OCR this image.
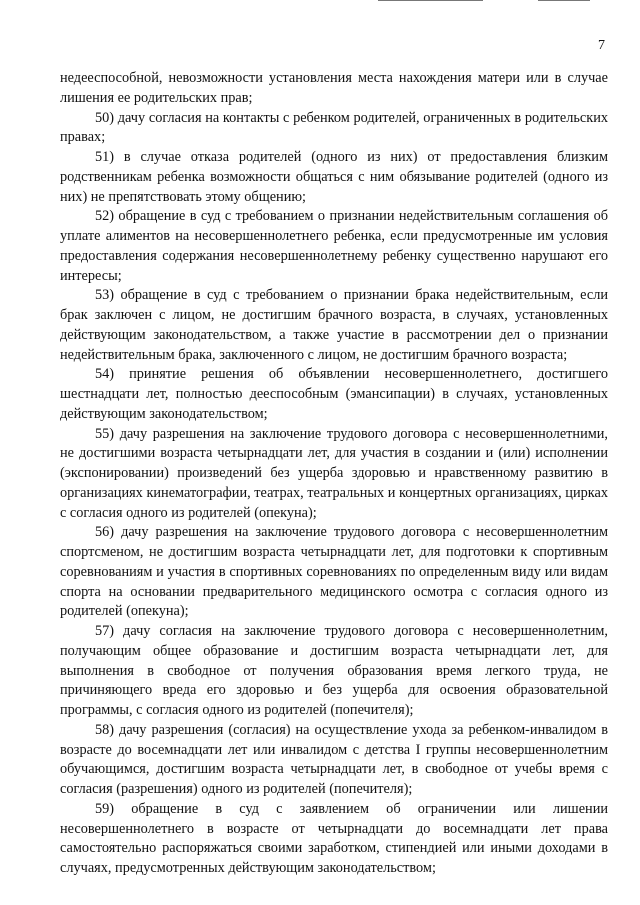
7

недееспособной, невозможности установления места нахождения матери или в случае лишения ее родительских прав;

50) дачу согласия на контакты с ребенком родителей, ограниченных в родительских правах;

51) в случае отказа родителей (одного из них) от предоставления близким родственникам ребенка возможности общаться с ним обязывание родителей (одного из них) не препятствовать этому общению;

52) обращение в суд с требованием о признании недействительным соглашения об уплате алиментов на несовершеннолетнего ребенка, если предусмотренные им условия предоставления содержания несовершеннолетнему ребенку существенно нарушают его интересы;

53) обращение в суд с требованием о признании брака недействительным, если брак заключен с лицом, не достигшим брачного возраста, в случаях, установленных действующим законодательством, а также участие в рассмотрении дел о признании недействительным брака, заключенного с лицом, не достигшим брачного возраста;

54) принятие решения об объявлении несовершеннолетнего, достигшего шестнадцати лет, полностью дееспособным (эмансипации) в случаях, установленных действующим законодательством;

55) дачу разрешения на заключение трудового договора с несовершеннолетними, не достигшими возраста четырнадцати лет, для участия в создании и (или) исполнении (экспонировании) произведений без ущерба здоровью и нравственному развитию в организациях кинематографии, театрах, театральных и концертных организациях, цирках с согласия одного из родителей (опекуна);

56) дачу разрешения на заключение трудового договора с несовершеннолетним спортсменом, не достигшим возраста четырнадцати лет, для подготовки к спортивным соревнованиям и участия в спортивных соревнованиях по определенным виду или видам спорта на основании предварительного медицинского осмотра с согласия одного из родителей (опекуна);

57) дачу согласия на заключение трудового договора с несовершеннолетним, получающим общее образование и достигшим возраста четырнадцати лет, для выполнения в свободное от получения образования время легкого труда, не причиняющего вреда его здоровью и без ущерба для освоения образовательной программы, с согласия одного из родителей (попечителя);

58) дачу разрешения (согласия) на осуществление ухода за ребенком-инвалидом в возрасте до восемнадцати лет или инвалидом с детства I группы несовершеннолетним обучающимся, достигшим возраста четырнадцати лет, в свободное от учебы время с согласия (разрешения) одного из родителей (попечителя);

59) обращение в суд с заявлением об ограничении или лишении несовершеннолетнего в возрасте от четырнадцати до восемнадцати лет права самостоятельно распоряжаться своими заработком, стипендией или иными доходами в случаях, предусмотренных действующим законодательством;
